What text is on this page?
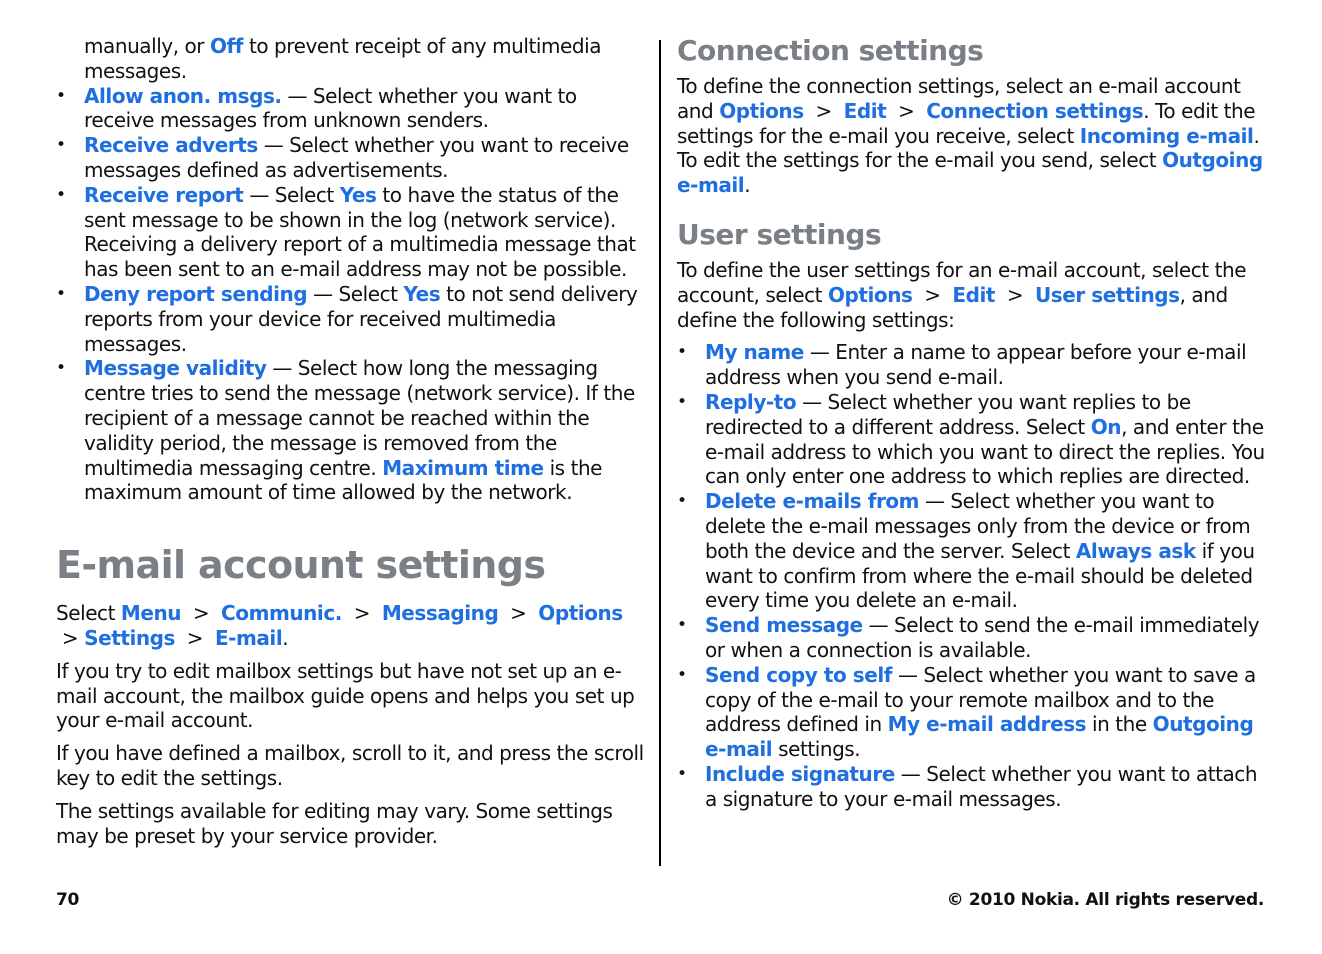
manually, or Off to prevent receipt of any multimedia messages.

• Allow anon. msgs. — Select whether you want to receive messages from unknown senders.
• Receive adverts — Select whether you want to receive messages defined as advertisements.
• Receive report — Select Yes to have the status of the sent message to be shown in the log (network service). Receiving a delivery report of a multimedia message that has been sent to an e-mail address may not be possible.
• Deny report sending — Select Yes to not send delivery reports from your device for received multimedia messages.
• Message validity — Select how long the messaging centre tries to send the message (network service). If the recipient of a message cannot be reached within the validity period, the message is removed from the multimedia messaging centre. Maximum time is the maximum amount of time allowed by the network.
E-mail account settings

Select Menu > Communic. > Messaging > Options  > Settings > E-mail.

If you try to edit mailbox settings but have not set up an e-mail account, the mailbox guide opens and helps you set up your e-mail account.

If you have defined a mailbox, scroll to it, and press the scroll key to edit the settings.

The settings available for editing may vary. Some settings may be preset by your service provider.

Connection settings

To define the connection settings, select an e-mail account and Options > Edit > Connection settings. To edit the settings for the e-mail you receive, select Incoming e-mail. To edit the settings for the e-mail you send, select Outgoing e-mail.

User settings

To define the user settings for an e-mail account, select the account, select Options > Edit > User settings, and define the following settings:

• My name — Enter a name to appear before your e-mail address when you send e-mail.
• Reply-to — Select whether you want replies to be redirected to a different address. Select On, and enter the e-mail address to which you want to direct the replies. You can only enter one address to which replies are directed.
• Delete e-mails from — Select whether you want to delete the e-mail messages only from the device or from both the device and the server. Select Always ask if you want to confirm from where the e-mail should be deleted every time you delete an e-mail.
• Send message — Select to send the e-mail immediately or when a connection is available.
• Send copy to self — Select whether you want to save a copy of the e-mail to your remote mailbox and to the address defined in My e-mail address in the Outgoing e-mail settings.
• Include signature — Select whether you want to attach a signature to your e-mail messages.
70	© 2010 Nokia. All rights reserved.
